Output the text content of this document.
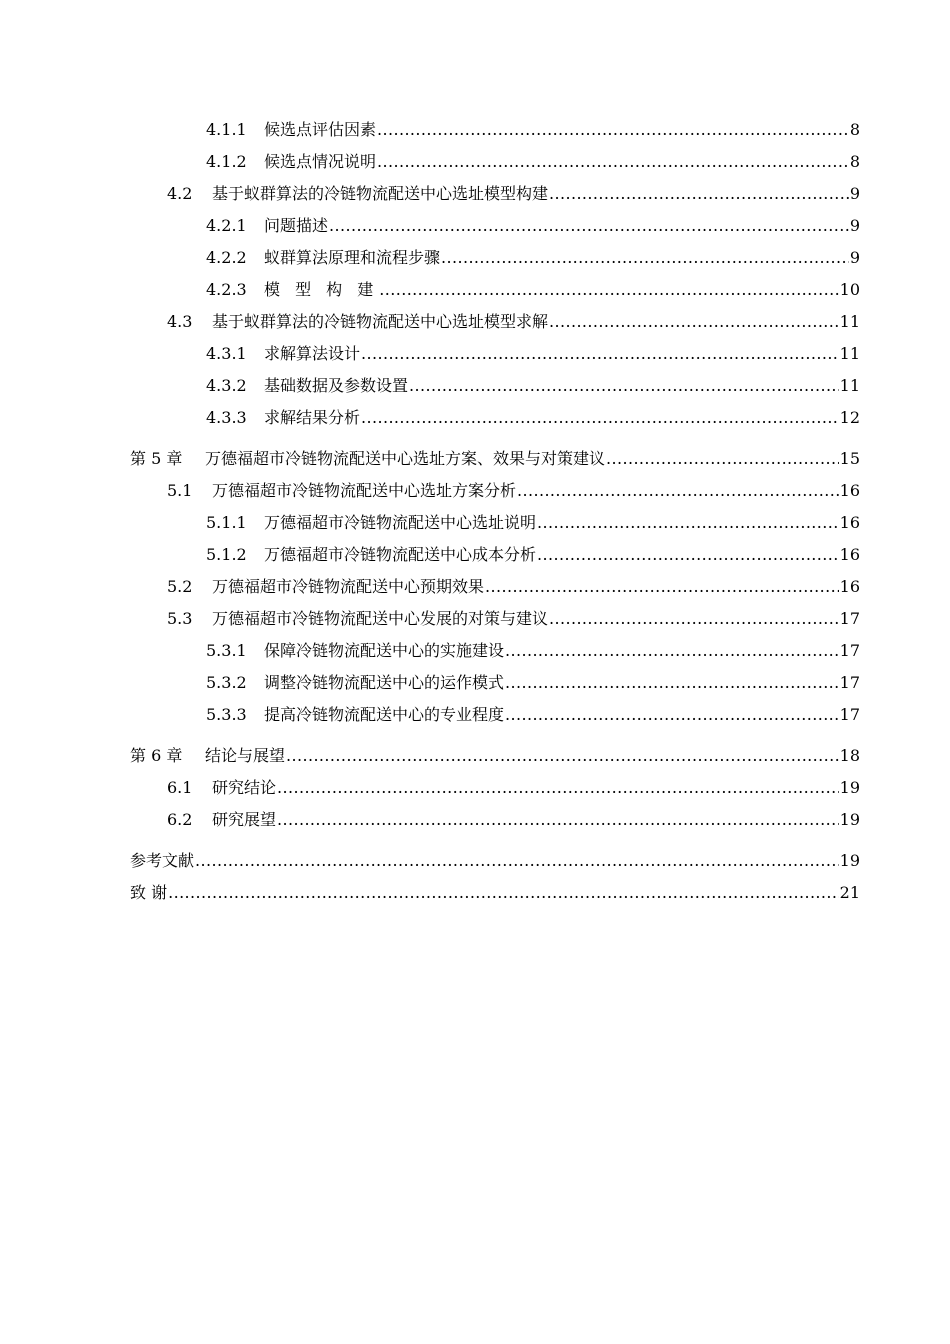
4.1.1	候选点评估因素 .....	8
4.1.2	候选点情况说明 .....	8
4.2	基于蚁群算法的冷链物流配送中心选址模型构建 .....	9
4.2.1	问题描述 .....	9
4.2.2	蚁群算法原理和流程步骤 .....	9
4.2.3	模 型 构 建 .....	10
4.3	基于蚁群算法的冷链物流配送中心选址模型求解 .....	11
4.3.1	求解算法设计 .....	11
4.3.2	基础数据及参数设置 .....	11
4.3.3	求解结果分析 .....	12
第 5 章	万德福超市冷链物流配送中心选址方案、效果与对策建议 .....	15
5.1	万德福超市冷链物流配送中心选址方案分析 .....	16
5.1.1	万德福超市冷链物流配送中心选址说明 .....	16
5.1.2	万德福超市冷链物流配送中心成本分析 .....	16
5.2	万德福超市冷链物流配送中心预期效果 .....	16
5.3	万德福超市冷链物流配送中心发展的对策与建议 .....	17
5.3.1	保障冷链物流配送中心的实施建设 .....	17
5.3.2	调整冷链物流配送中心的运作模式 .....	17
5.3.3	提高冷链物流配送中心的专业程度 .....	17
第 6 章	结论与展望 .....	18
6.1	研究结论 .....	19
6.2	研究展望 .....	19
参考文献 .....	19
致 谢 .....	21
